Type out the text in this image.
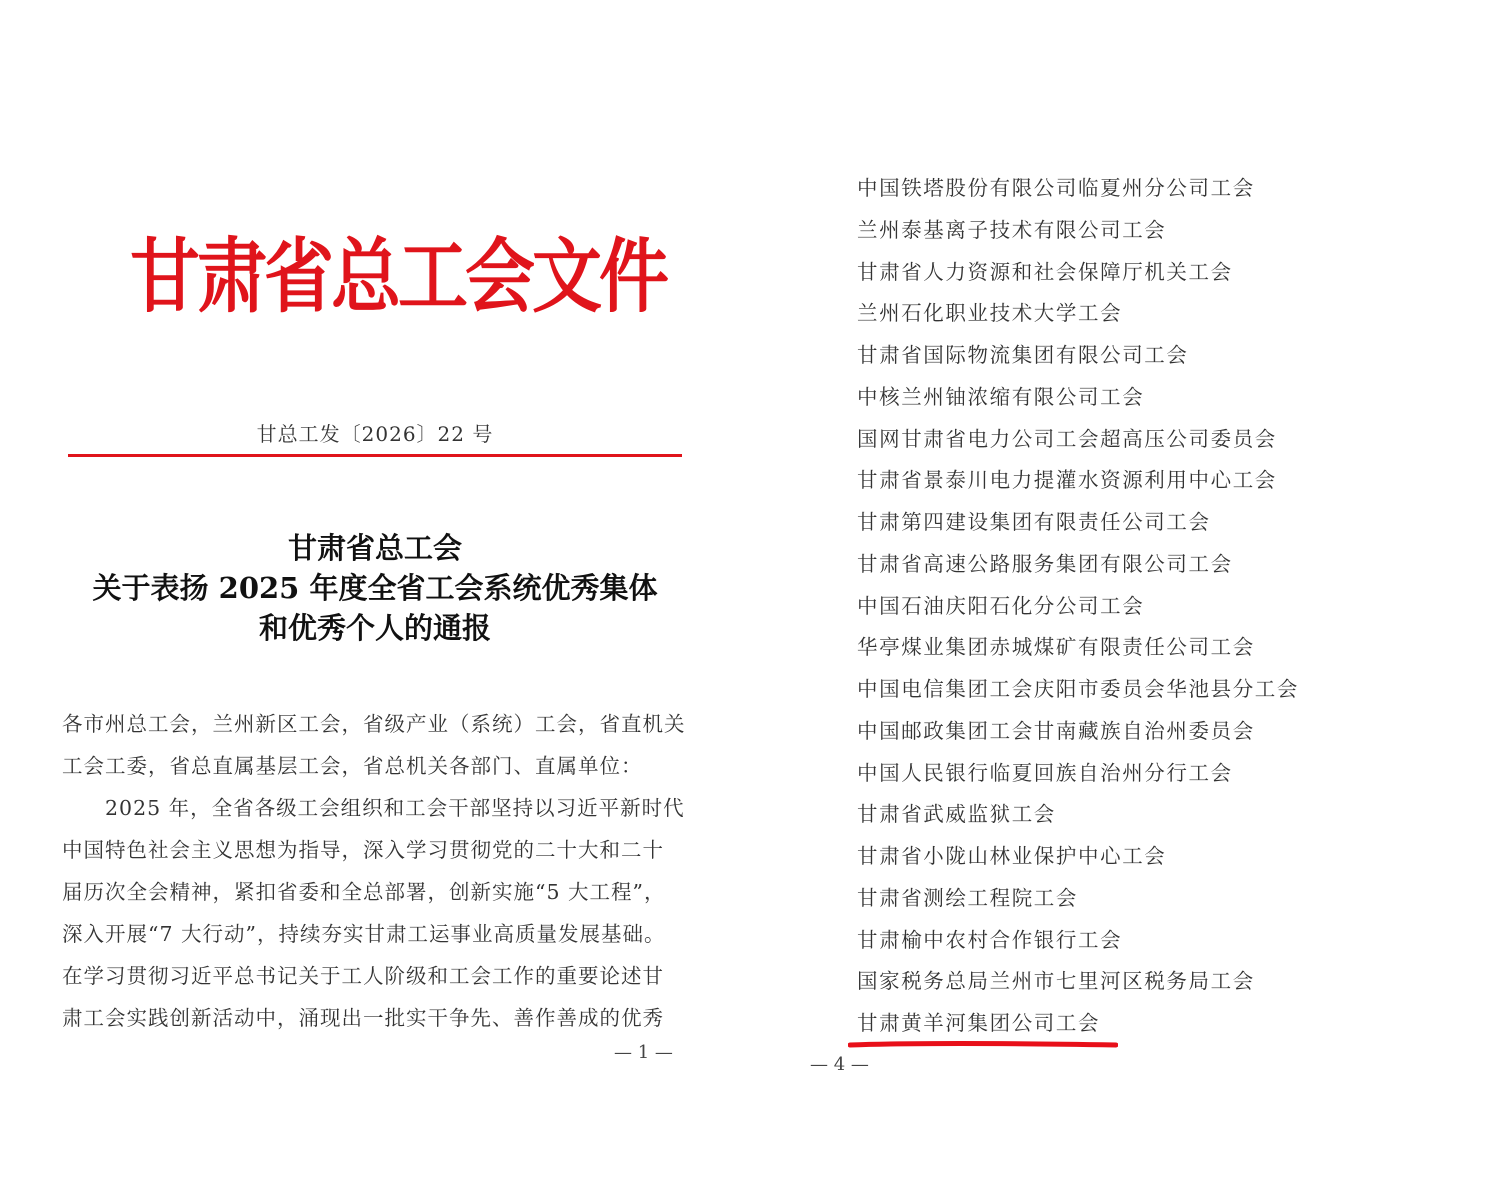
甘肃省总工会文件
甘总工发〔2026〕22 号
甘肃省总工会
关于表扬 2025 年度全省工会系统优秀集体
和优秀个人的通报
各市州总工会，兰州新区工会，省级产业（系统）工会，省直机关
工会工委，省总直属基层工会，省总机关各部门、直属单位：
　　2025 年，全省各级工会组织和工会干部坚持以习近平新时代
中国特色社会主义思想为指导，深入学习贯彻党的二十大和二十
届历次全会精神，紧扣省委和全总部署，创新实施“5 大工程”，
深入开展“7 大行动”，持续夯实甘肃工运事业高质量发展基础。
在学习贯彻习近平总书记关于工人阶级和工会工作的重要论述甘
肃工会实践创新活动中，涌现出一批实干争先、善作善成的优秀
— 1 —
中国铁塔股份有限公司临夏州分公司工会
兰州泰基离子技术有限公司工会
甘肃省人力资源和社会保障厅机关工会
兰州石化职业技术大学工会
甘肃省国际物流集团有限公司工会
中核兰州铀浓缩有限公司工会
国网甘肃省电力公司工会超高压公司委员会
甘肃省景泰川电力提灌水资源利用中心工会
甘肃第四建设集团有限责任公司工会
甘肃省高速公路服务集团有限公司工会
中国石油庆阳石化分公司工会
华亭煤业集团赤城煤矿有限责任公司工会
中国电信集团工会庆阳市委员会华池县分工会
中国邮政集团工会甘南藏族自治州委员会
中国人民银行临夏回族自治州分行工会
甘肃省武威监狱工会
甘肃省小陇山林业保护中心工会
甘肃省测绘工程院工会
甘肃榆中农村合作银行工会
国家税务总局兰州市七里河区税务局工会
甘肃黄羊河集团公司工会
— 4 —
